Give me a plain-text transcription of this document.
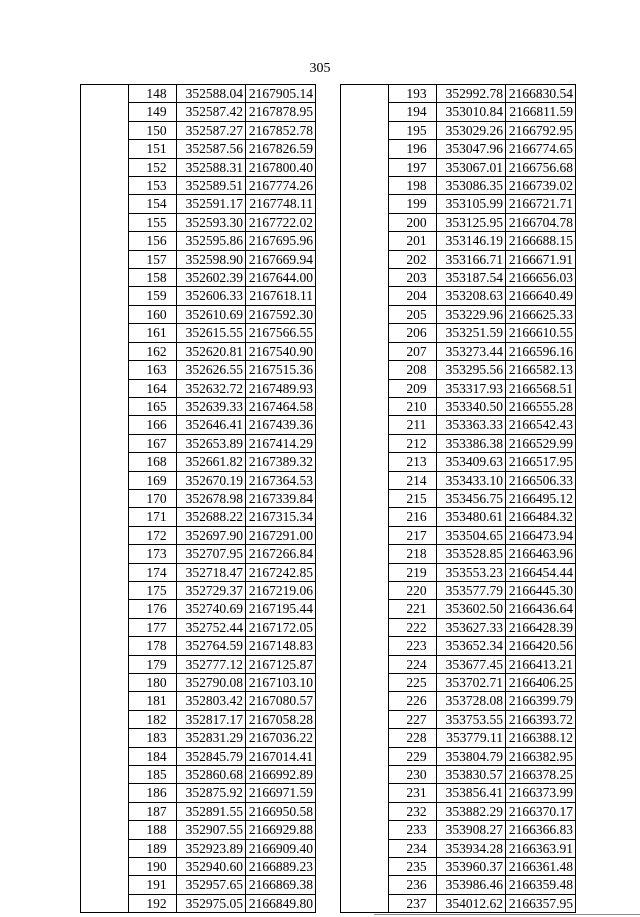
305
	148	352588.04	2167905.14
	149	352587.42	2167878.95
	150	352587.27	2167852.78
	151	352587.56	2167826.59
	152	352588.31	2167800.40
	153	352589.51	2167774.26
	154	352591.17	2167748.11
	155	352593.30	2167722.02
	156	352595.86	2167695.96
	157	352598.90	2167669.94
	158	352602.39	2167644.00
	159	352606.33	2167618.11
	160	352610.69	2167592.30
	161	352615.55	2167566.55
	162	352620.81	2167540.90
	163	352626.55	2167515.36
	164	352632.72	2167489.93
	165	352639.33	2167464.58
	166	352646.41	2167439.36
	167	352653.89	2167414.29
	168	352661.82	2167389.32
	169	352670.19	2167364.53
	170	352678.98	2167339.84
	171	352688.22	2167315.34
	172	352697.90	2167291.00
	173	352707.95	2167266.84
	174	352718.47	2167242.85
	175	352729.37	2167219.06
	176	352740.69	2167195.44
	177	352752.44	2167172.05
	178	352764.59	2167148.83
	179	352777.12	2167125.87
	180	352790.08	2167103.10
	181	352803.42	2167080.57
	182	352817.17	2167058.28
	183	352831.29	2167036.22
	184	352845.79	2167014.41
	185	352860.68	2166992.89
	186	352875.92	2166971.59
	187	352891.55	2166950.58
	188	352907.55	2166929.88
	189	352923.89	2166909.40
	190	352940.60	2166889.23
	191	352957.65	2166869.38
	192	352975.05	2166849.80
	193	352992.78	2166830.54
	194	353010.84	2166811.59
	195	353029.26	2166792.95
	196	353047.96	2166774.65
	197	353067.01	2166756.68
	198	353086.35	2166739.02
	199	353105.99	2166721.71
	200	353125.95	2166704.78
	201	353146.19	2166688.15
	202	353166.71	2166671.91
	203	353187.54	2166656.03
	204	353208.63	2166640.49
	205	353229.96	2166625.33
	206	353251.59	2166610.55
	207	353273.44	2166596.16
	208	353295.56	2166582.13
	209	353317.93	2166568.51
	210	353340.50	2166555.28
	211	353363.33	2166542.43
	212	353386.38	2166529.99
	213	353409.63	2166517.95
	214	353433.10	2166506.33
	215	353456.75	2166495.12
	216	353480.61	2166484.32
	217	353504.65	2166473.94
	218	353528.85	2166463.96
	219	353553.23	2166454.44
	220	353577.79	2166445.30
	221	353602.50	2166436.64
	222	353627.33	2166428.39
	223	353652.34	2166420.56
	224	353677.45	2166413.21
	225	353702.71	2166406.25
	226	353728.08	2166399.79
	227	353753.55	2166393.72
	228	353779.11	2166388.12
	229	353804.79	2166382.95
	230	353830.57	2166378.25
	231	353856.41	2166373.99
	232	353882.29	2166370.17
	233	353908.27	2166366.83
	234	353934.28	2166363.91
	235	353960.37	2166361.48
	236	353986.46	2166359.48
	237	354012.62	2166357.95
